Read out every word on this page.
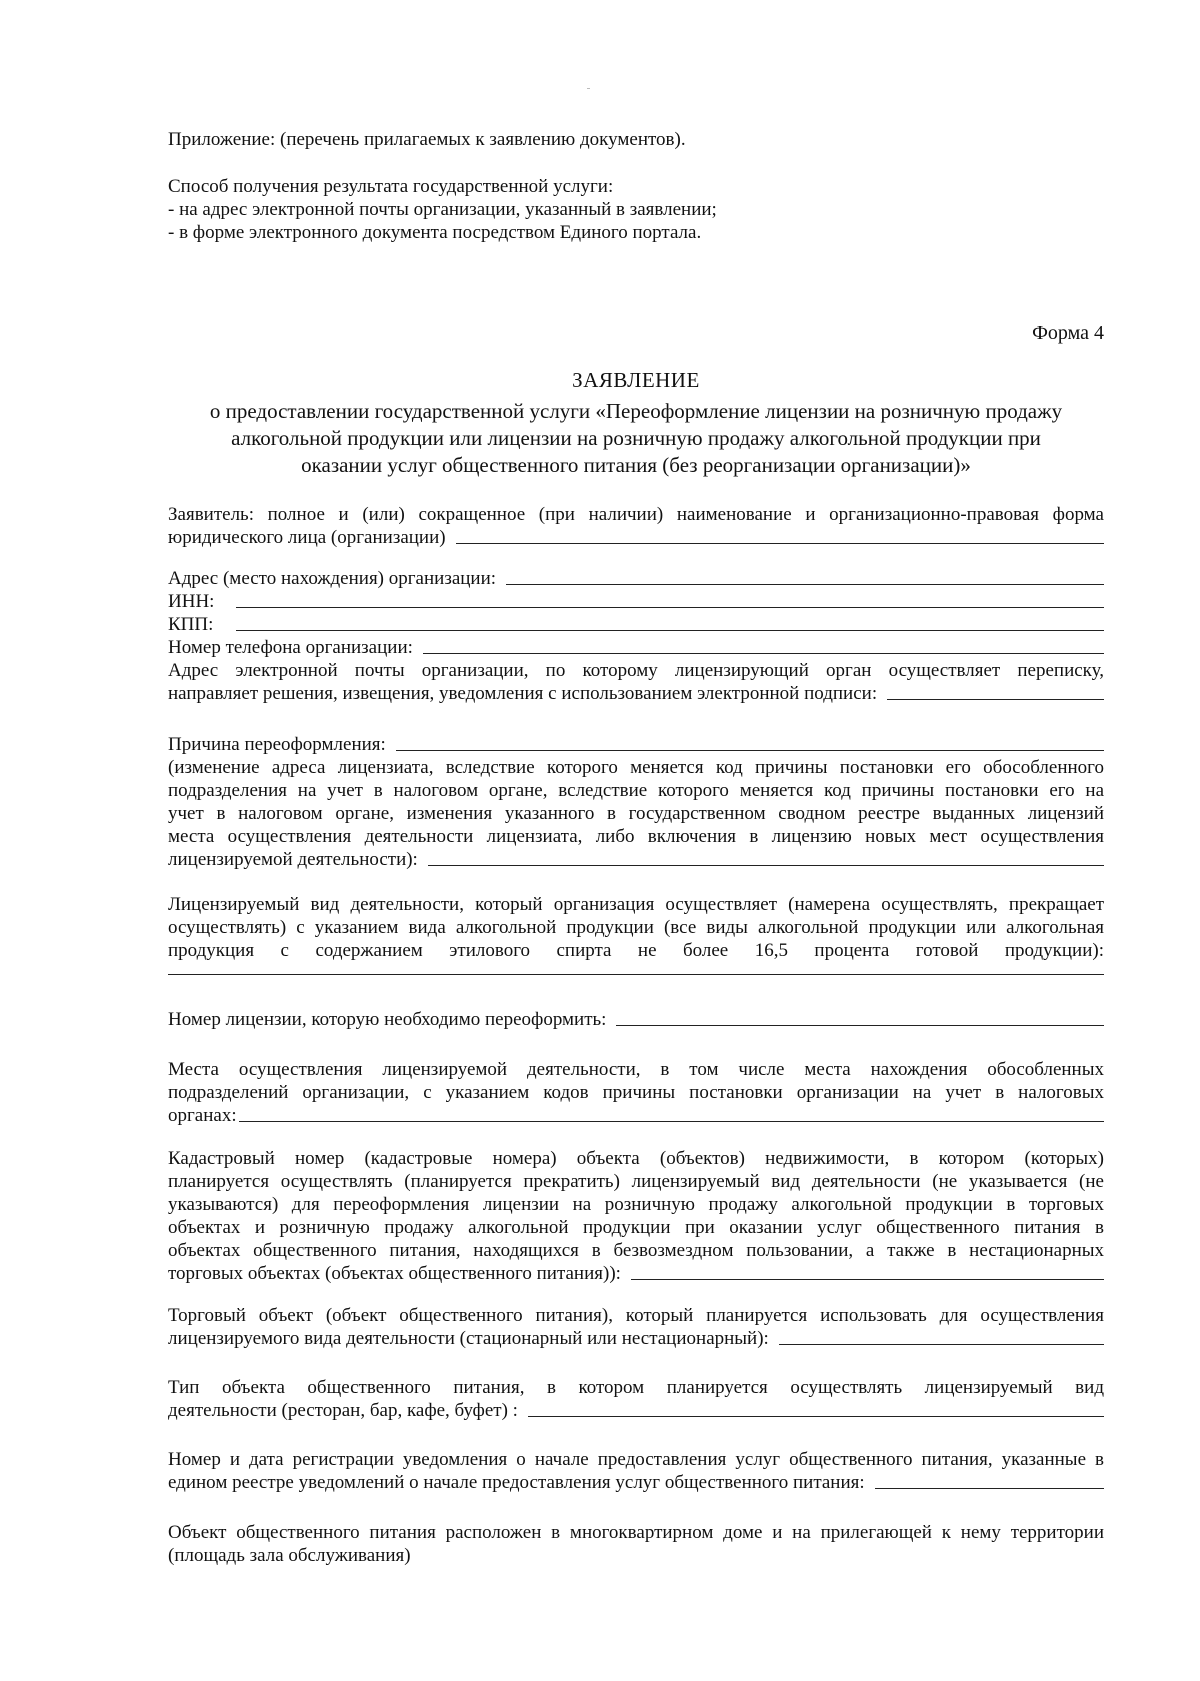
Приложение: (перечень прилагаемых к заявлению документов).
Способ получения результата государственной услуги:
- на адрес электронной почты организации, указанный в заявлении;
- в форме электронного документа посредством Единого портала.
Форма 4
ЗАЯВЛЕНИЕ
о предоставлении государственной услуги «Переоформление лицензии на розничную продажу
алкогольной продукции или лицензии на розничную продажу алкогольной продукции при
оказании услуг общественного питания (без реорганизации организации)»
Заявитель: полное и (или) сокращенное (при наличии) наименование и организационно-правовая форма
юридического лица (организации)
Адрес (место нахождения) организации:
ИНН:
КПП:
Номер телефона организации:
Адрес электронной почты организации, по которому лицензирующий орган осуществляет переписку,
направляет решения, извещения, уведомления с использованием электронной подписи:
Причина переоформления:
(изменение адреса лицензиата, вследствие которого меняется код причины постановки его обособленного
подразделения на учет в налоговом органе, вследствие которого меняется код причины постановки его на
учет в налоговом органе, изменения указанного в государственном сводном реестре выданных лицензий
места осуществления деятельности лицензиата, либо включения в лицензию новых мест осуществления
лицензируемой деятельности):
Лицензируемый вид деятельности, который организация осуществляет (намерена осуществлять, прекращает
осуществлять) с указанием вида алкогольной продукции (все виды алкогольной продукции или алкогольная
продукция с содержанием этилового спирта не более 16,5 процента готовой продукции):
Номер лицензии, которую необходимо переоформить:
Места осуществления лицензируемой деятельности, в том числе места нахождения обособленных
подразделений организации, с указанием кодов причины постановки организации на учет в налоговых
органах:
Кадастровый номер (кадастровые номера) объекта (объектов) недвижимости, в котором (которых)
планируется осуществлять (планируется прекратить) лицензируемый вид деятельности (не указывается (не
указываются) для переоформления лицензии на розничную продажу алкогольной продукции в торговых
объектах и розничную продажу алкогольной продукции при оказании услуг общественного питания в
объектах общественного питания, находящихся в безвозмездном пользовании, а также в нестационарных
торговых объектах (объектах общественного питания)):
Торговый объект (объект общественного питания), который планируется использовать для осуществления
лицензируемого вида деятельности (стационарный или нестационарный):
Тип объекта общественного питания, в котором планируется осуществлять лицензируемый вид
деятельности (ресторан, бар, кафе, буфет) :
Номер и дата регистрации уведомления о начале предоставления услуг общественного питания, указанные в
едином реестре уведомлений о начале предоставления услуг общественного питания:
Объект общественного питания расположен в многоквартирном доме и на прилегающей к нему территории
(площадь зала обслуживания)
